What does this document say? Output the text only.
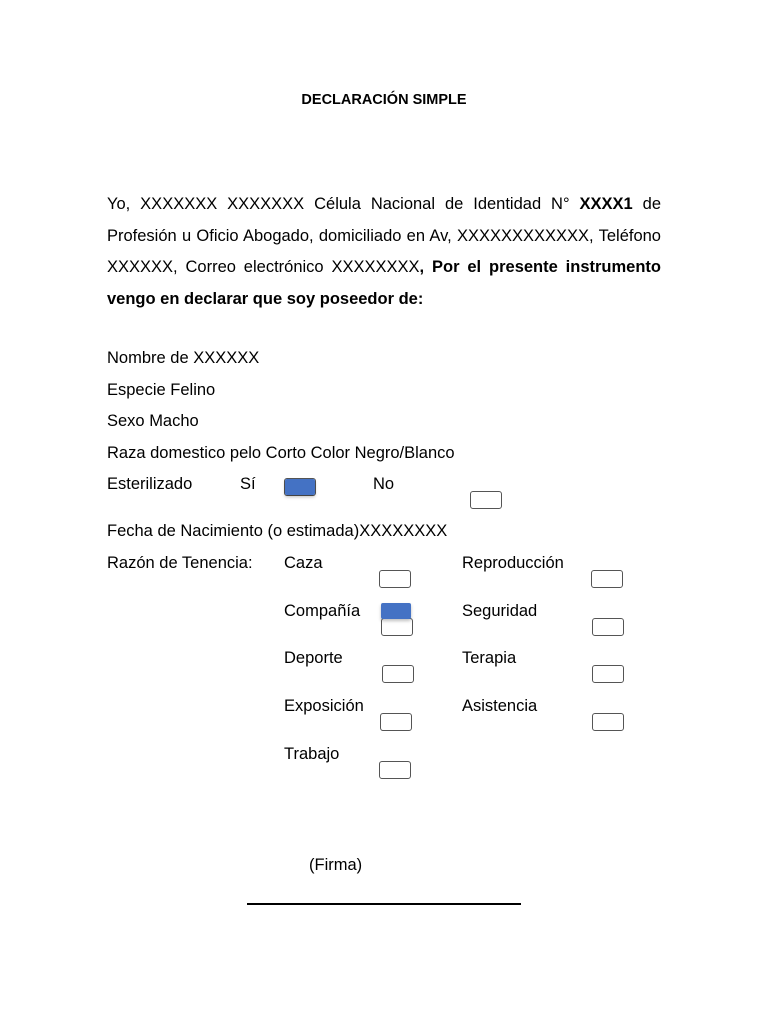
DECLARACIÓN SIMPLE
Yo, XXXXXXX XXXXXXX Célula Nacional de Identidad N° XXXX1 de Profesión u Oficio Abogado, domiciliado en Av, XXXXXXXXXXXX, Teléfono XXXXXX, Correo electrónico XXXXXXXX, Por el presente instrumento vengo en declarar que soy poseedor de:
Nombre de XXXXXX
Especie Felino
Sexo Macho
Raza domestico pelo Corto Color Negro/Blanco
Esterilizado	Sí	No
Fecha de Nacimiento (o estimada)XXXXXXXX
Razón de Tenencia: Caza	Reproducción
Compañía	Seguridad
Deporte	Terapia
Exposición	Asistencia
Trabajo
(Firma)
